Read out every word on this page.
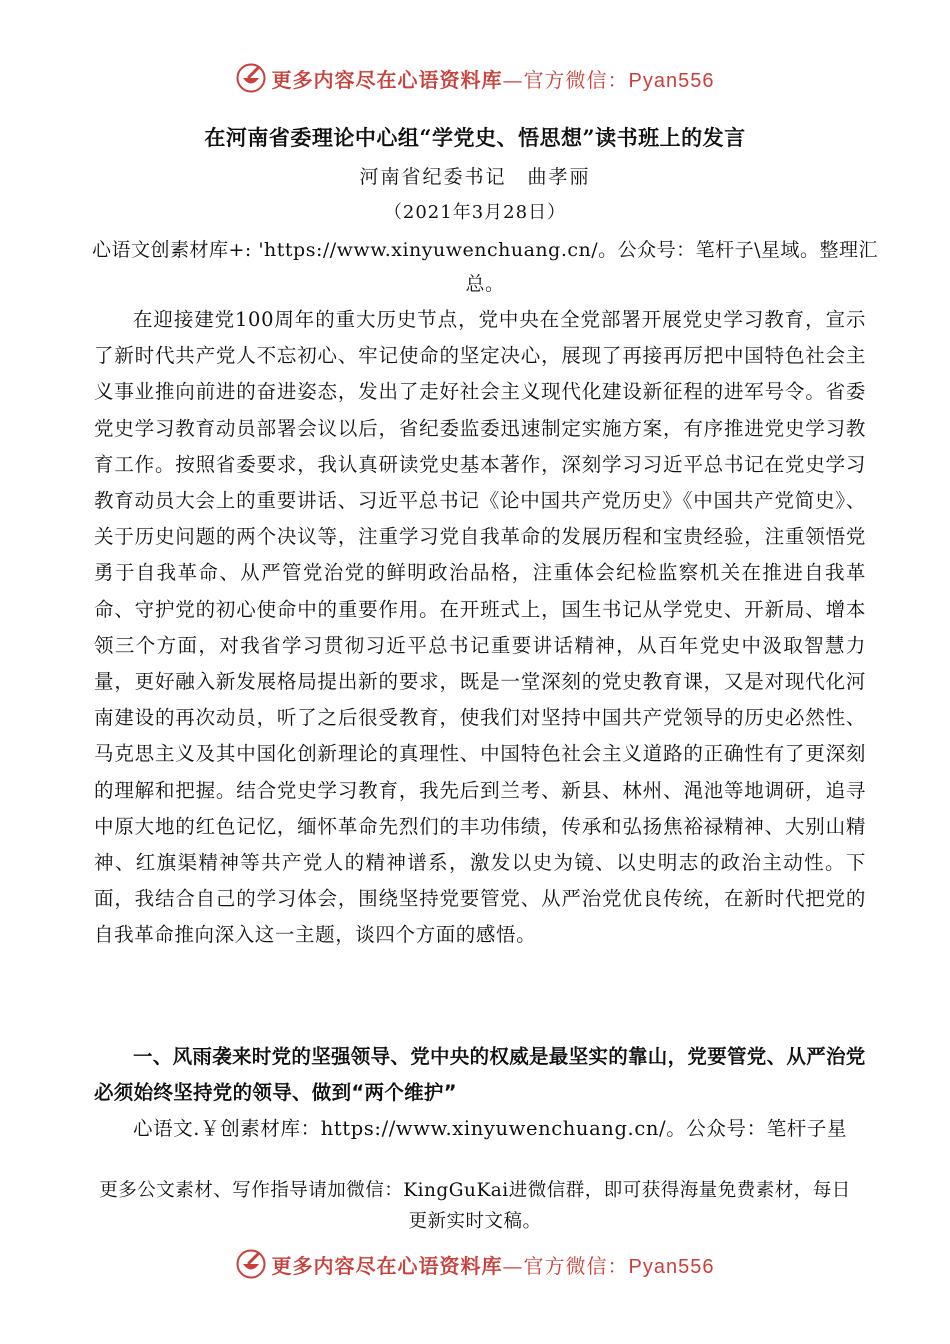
更多内容尽在心语资料库—官方微信：Pyan556
在河南省委理论中心组“学党史、悟思想”读书班上的发言
河南省纪委书记　曲孝丽
（2021年3月28日）
心语文创素材库+: 'https://www.xinyuwenchuang.cn/。公众号：笔杆子\星域。整理汇总。
在迎接建党100周年的重大历史节点，党中央在全党部署开展党史学习教育，宣示了新时代共产党人不忘初心、牢记使命的坚定决心，展现了再接再厉把中国特色社会主义事业推向前进的奋进姿态，发出了走好社会主义现代化建设新征程的进军号令。省委党史学习教育动员部署会议以后，省纪委监委迅速制定实施方案，有序推进党史学习教育工作。按照省委要求，我认真研读党史基本著作，深刻学习习近平总书记在党史学习教育动员大会上的重要讲话、习近平总书记《论中国共产党历史》《中国共产党简史》、关于历史问题的两个决议等，注重学习党自我革命的发展历程和宝贵经验，注重领悟党勇于自我革命、从严管党治党的鲜明政治品格，注重体会纪检监察机关在推进自我革命、守护党的初心使命中的重要作用。在开班式上，国生书记从学党史、开新局、增本领三个方面，对我省学习贯彻习近平总书记重要讲话精神，从百年党史中汲取智慧力量，更好融入新发展格局提出新的要求，既是一堂深刻的党史教育课，又是对现代化河南建设的再次动员，听了之后很受教育，使我们对坚持中国共产党领导的历史必然性、马克思主义及其中国化创新理论的真理性、中国特色社会主义道路的正确性有了更深刻的理解和把握。结合党史学习教育，我先后到兰考、新县、林州、渑池等地调研，追寻中原大地的红色记忆，缅怀革命先烈们的丰功伟绩，传承和弘扬焦裕禄精神、大别山精神、红旗渠精神等共产党人的精神谱系，激发以史为镜、以史明志的政治主动性。下面，我结合自己的学习体会，围绕坚持党要管党、从严治党优良传统，在新时代把党的自我革命推向深入这一主题，谈四个方面的感悟。
一、风雨袭来时党的坚强领导、党中央的权威是最坚实的靠山，党要管党、从严治党必须始终坚持党的领导、做到“两个维护”
心语文.￥创素材库：https://www.xinyuwenchuang.cn/。公众号：笔杆子星
更多公文素材、写作指导请加微信：KingGuKai进微信群，即可获得海量免费素材，每日更新实时文稿。
更多内容尽在心语资料库—官方微信：Pyan556
